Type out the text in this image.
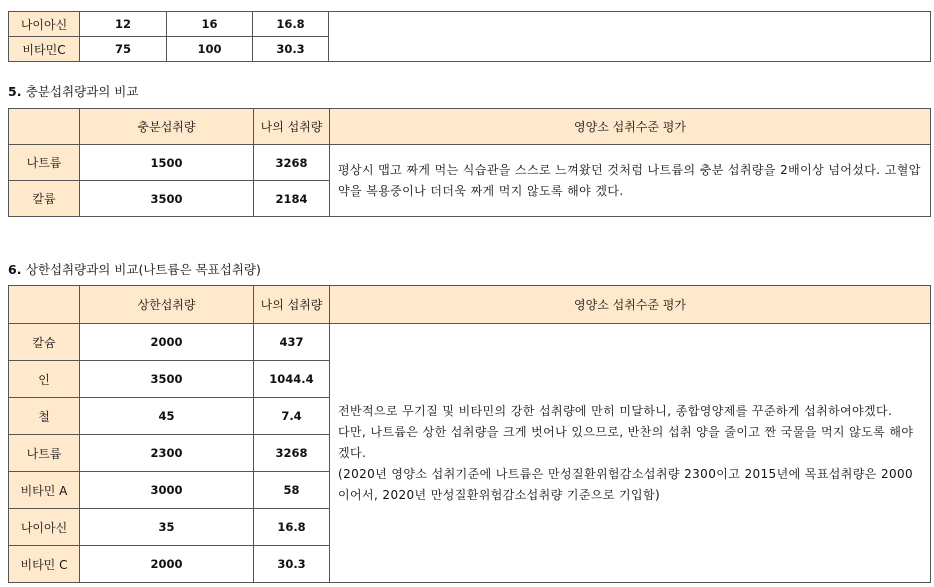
나이아신	12	16	16.8	
비타민C	75	100	30.3	
5. 충분섭취량과의 비교
	충분섭취량	나의 섭취량	영양소 섭취수준 평가
나트륨	1500	3268	평상시 맵고 짜게 먹는 식습관을 스스로 느껴왔던 것처럼 나트륨의 충분 섭취량을 2배이상 넘어섰다. 고혈압약을 복용중이나 더더욱 짜게 먹지 않도록 해야 겠다.

칼륨	3500	2184	
6. 상한섭취량과의 비교(나트륨은 목표섭취량)
	상한섭취량	나의 섭취량	영양소 섭취수준 평가
칼슘	2000	437	전반적으로 무기질 및 비타민의 강한 섭취량에 만히 미달하니, 종합영양제를 꾸준하게 섭취하여야겠다.
다만, 나트륨은 상한 섭취량을 크게 벗어나 있으므로, 반찬의 섭취 양을 줄이고 짠 국물을 먹지 않도록 해야겠다.
(2020년 영양소 섭취기준에 나트륨은 만성질환위험감소섭취량 2300이고 2015년에 목표섭취량은 2000이어서, 2020년 만성질환위험감소섭취량 기준으로 기입함)

인	3500	1044.4	
철	45	7.4	
나트륨	2300	3268	
비타민 A	3000	58	
나이아신	35	16.8	
비타민 C	2000	30.3	
